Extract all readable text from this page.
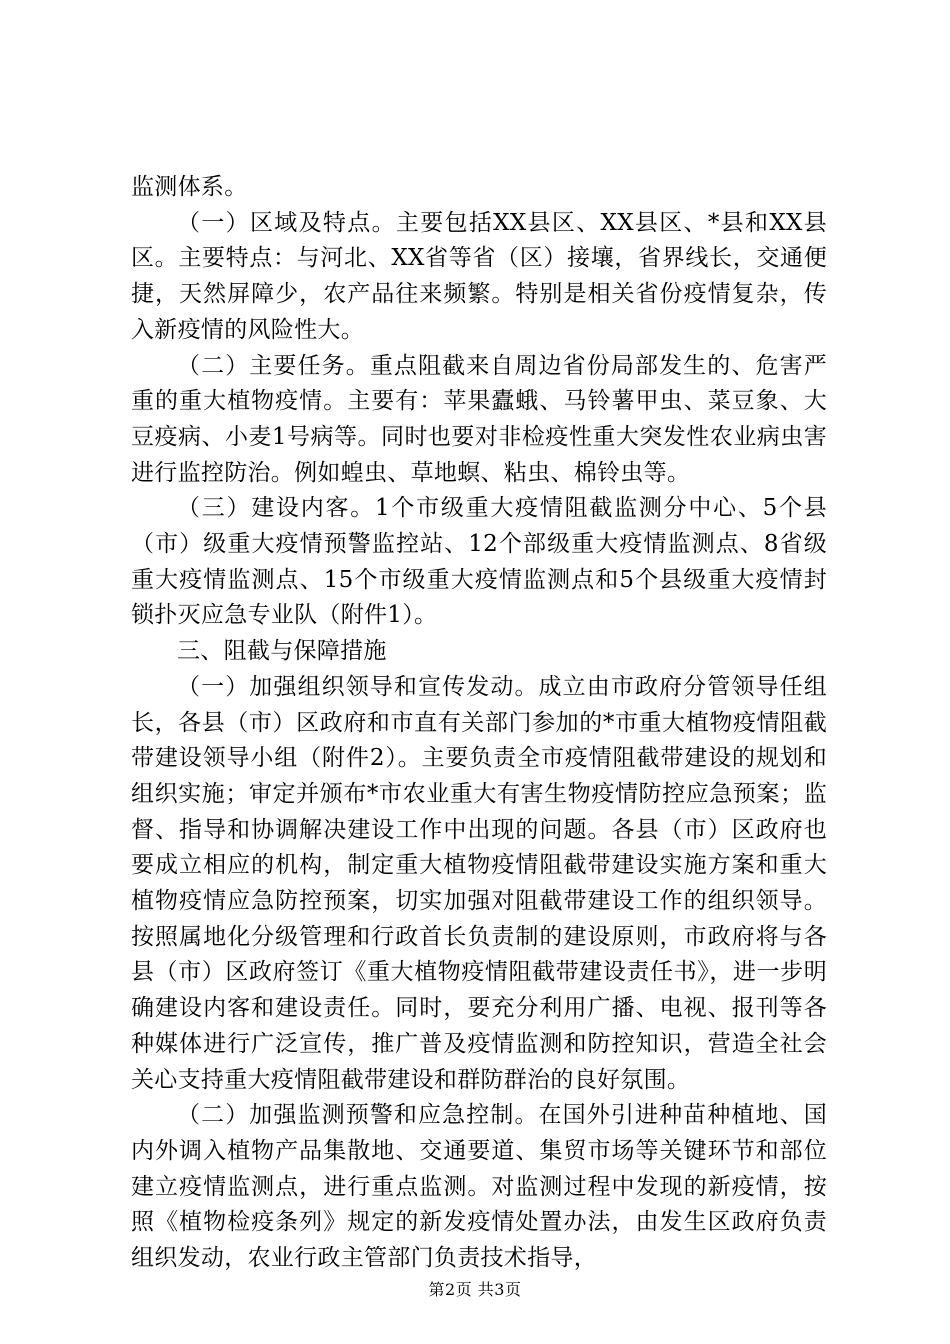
监测体系。

（一）区域及特点。主要包括XX县区、XX县区、*县和XX县区。主要特点：与河北、XX省等省（区）接壤，省界线长，交通便捷，天然屏障少，农产品往来频繁。特别是相关省份疫情复杂，传入新疫情的风险性大。

（二）主要任务。重点阻截来自周边省份局部发生的、危害严重的重大植物疫情。主要有：苹果蠹蛾、马铃薯甲虫、菜豆象、大豆疫病、小麦1号病等。同时也要对非检疫性重大突发性农业病虫害进行监控防治。例如蝗虫、草地螟、粘虫、棉铃虫等。

（三）建设内客。1个市级重大疫情阻截监测分中心、5个县（市）级重大疫情预警监控站、12个部级重大疫情监测点、8省级重大疫情监测点、15个市级重大疫情监测点和5个县级重大疫情封锁扑灭应急专业队（附件1）。

三、阻截与保障措施

（一）加强组织领导和宣传发动。成立由市政府分管领导任组长，各县（市）区政府和市直有关部门参加的*市重大植物疫情阻截带建设领导小组（附件2）。主要负责全市疫情阻截带建设的规划和组织实施；审定并颁布*市农业重大有害生物疫情防控应急预案；监督、指导和协调解决建设工作中出现的问题。各县（市）区政府也要成立相应的机构，制定重大植物疫情阻截带建设实施方案和重大植物疫情应急防控预案，切实加强对阻截带建设工作的组织领导。按照属地化分级管理和行政首长负责制的建设原则，市政府将与各县（市）区政府签订《重大植物疫情阻截带建设责任书》，进一步明确建设内客和建设责任。同时，要充分利用广播、电视、报刊等各种媒体进行广泛宣传，推广普及疫情监测和防控知识，营造全社会关心支持重大疫情阻截带建设和群防群治的良好氛围。

（二）加强监测预警和应急控制。在国外引进种苗种植地、国内外调入植物产品集散地、交通要道、集贸市场等关键环节和部位建立疫情监测点，进行重点监测。对监测过程中发现的新疫情，按照《植物检疫条列》规定的新发疫情处置办法，由发生区政府负责组织发动，农业行政主管部门负责技术指导，

第2页 共3页
